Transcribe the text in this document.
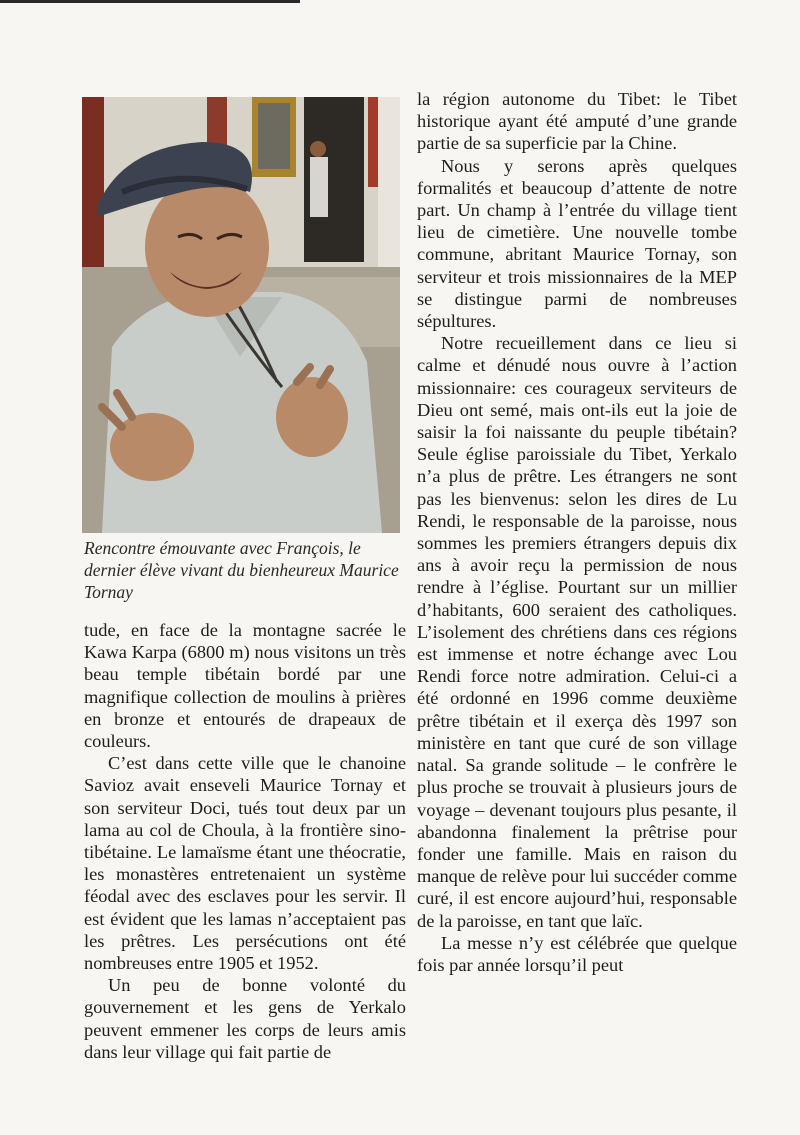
Rencontre émouvante avec François, le dernier élève vivant du bienheureux Maurice Tornay

tude, en face de la montagne sacrée le Kawa Karpa (6800 m) nous visitons un très beau temple tibétain bordé par une magnifique collection de moulins à prières en bronze et entourés de drapeaux de couleurs.

C’est dans cette ville que le chanoine Savioz avait enseveli Maurice Tornay et son serviteur Doci, tués tout deux par un lama au col de Choula, à la frontière sino-tibétaine. Le lamaïsme étant une théocratie, les monastères entretenaient un système féodal avec des esclaves pour les servir. Il est évident que les lamas n’acceptaient pas les prêtres. Les persécutions ont été nombreuses entre 1905 et 1952.

Un peu de bonne volonté du gouvernement et les gens de Yerkalo peuvent emmener les corps de leurs amis dans leur village qui fait partie de

la région autonome du Tibet: le Tibet historique ayant été amputé d’une grande partie de sa superficie par la Chine.

Nous y serons après quelques formalités et beaucoup d’attente de notre part. Un champ à l’entrée du village tient lieu de cimetière. Une nouvelle tombe commune, abritant Maurice Tornay, son serviteur et trois missionnaires de la MEP se distingue parmi de nombreuses sépultures.

Notre recueillement dans ce lieu si calme et dénudé nous ouvre à l’action missionnaire: ces courageux serviteurs de Dieu ont semé, mais ont-ils eut la joie de saisir la foi naissante du peuple tibétain? Seule église paroissiale du Tibet, Yerkalo n’a plus de prêtre. Les étrangers ne sont pas les bienvenus: selon les dires de Lu Rendi, le responsable de la paroisse, nous sommes les premiers étrangers depuis dix ans à avoir reçu la permission de nous rendre à l’église. Pourtant sur un millier d’habitants, 600 seraient des catholiques. L’isolement des chrétiens dans ces régions est immense et notre échange avec Lou Rendi force notre admiration. Celui-ci a été ordonné en 1996 comme deuxième prêtre tibétain et il exerça dès 1997 son ministère en tant que curé de son village natal. Sa grande solitude – le confrère le plus proche se trouvait à plusieurs jours de voyage – devenant toujours plus pesante, il abandonna finalement la prêtrise pour fonder une famille. Mais en raison du manque de relève pour lui succéder comme curé, il est encore aujourd’hui, responsable de la paroisse, en tant que laïc.

La messe n’y est célébrée que quelque fois par année lorsqu’il peut
